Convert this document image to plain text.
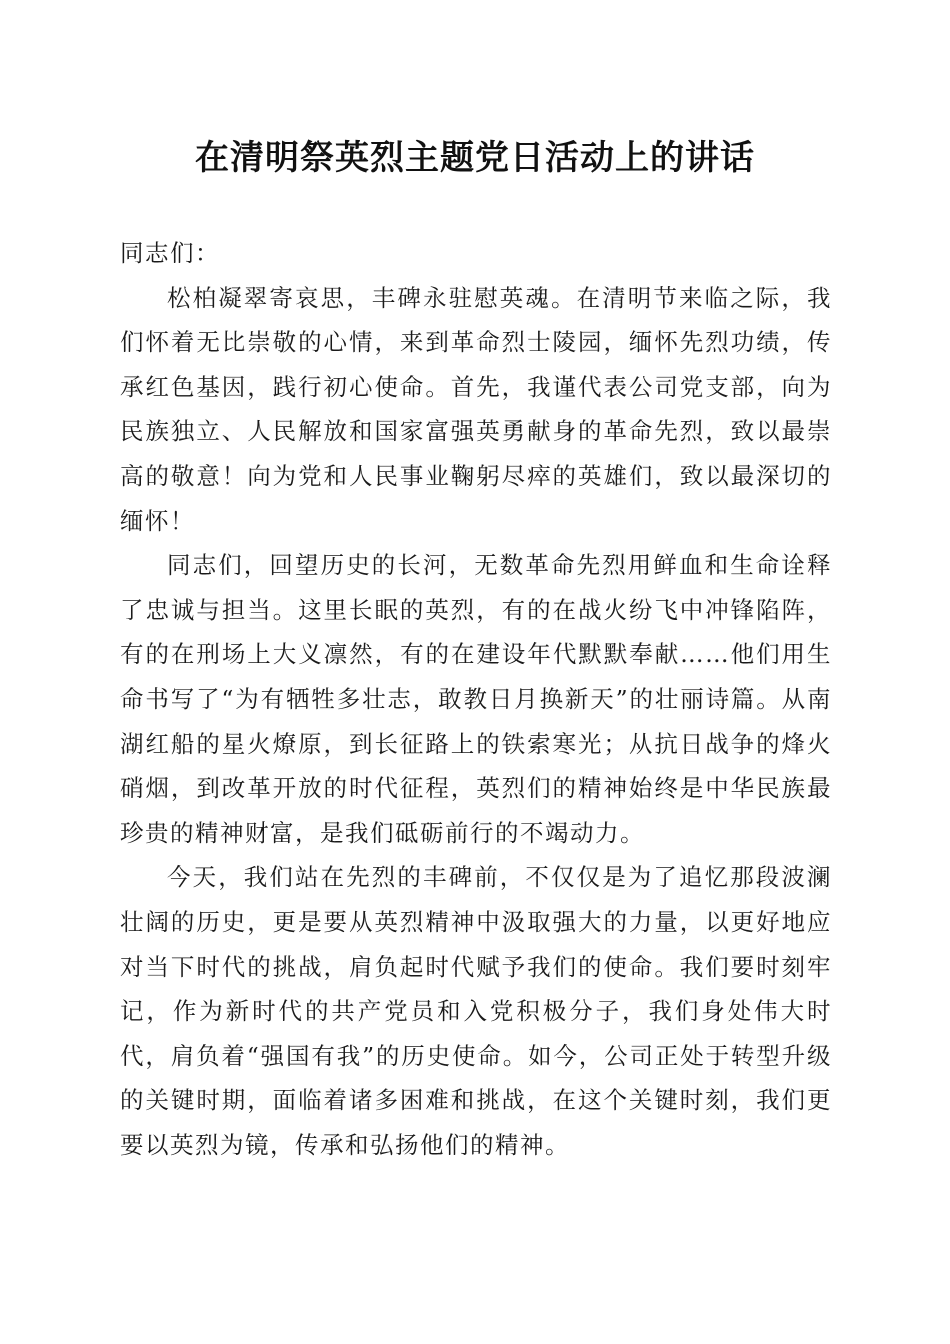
在清明祭英烈主题党日活动上的讲话

同志们：

松柏凝翠寄哀思，丰碑永驻慰英魂。在清明节来临之际，我们怀着无比崇敬的心情，来到革命烈士陵园，缅怀先烈功绩，传承红色基因，践行初心使命。首先，我谨代表公司党支部，向为民族独立、人民解放和国家富强英勇献身的革命先烈，致以最崇高的敬意！向为党和人民事业鞠躬尽瘁的英雄们，致以最深切的缅怀！

同志们，回望历史的长河，无数革命先烈用鲜血和生命诠释了忠诚与担当。这里长眠的英烈，有的在战火纷飞中冲锋陷阵，有的在刑场上大义凛然，有的在建设年代默默奉献……他们用生命书写了“为有牺牲多壮志，敢教日月换新天”的壮丽诗篇。从南湖红船的星火燎原，到长征路上的铁索寒光；从抗日战争的烽火硝烟，到改革开放的时代征程，英烈们的精神始终是中华民族最珍贵的精神财富，是我们砥砺前行的不竭动力。

今天，我们站在先烈的丰碑前，不仅仅是为了追忆那段波澜壮阔的历史，更是要从英烈精神中汲取强大的力量，以更好地应对当下时代的挑战，肩负起时代赋予我们的使命。我们要时刻牢记，作为新时代的共产党员和入党积极分子，我们身处伟大时代，肩负着“强国有我”的历史使命。如今，公司正处于转型升级的关键时期，面临着诸多困难和挑战，在这个关键时刻，我们更要以英烈为镜，传承和弘扬他们的精神。
